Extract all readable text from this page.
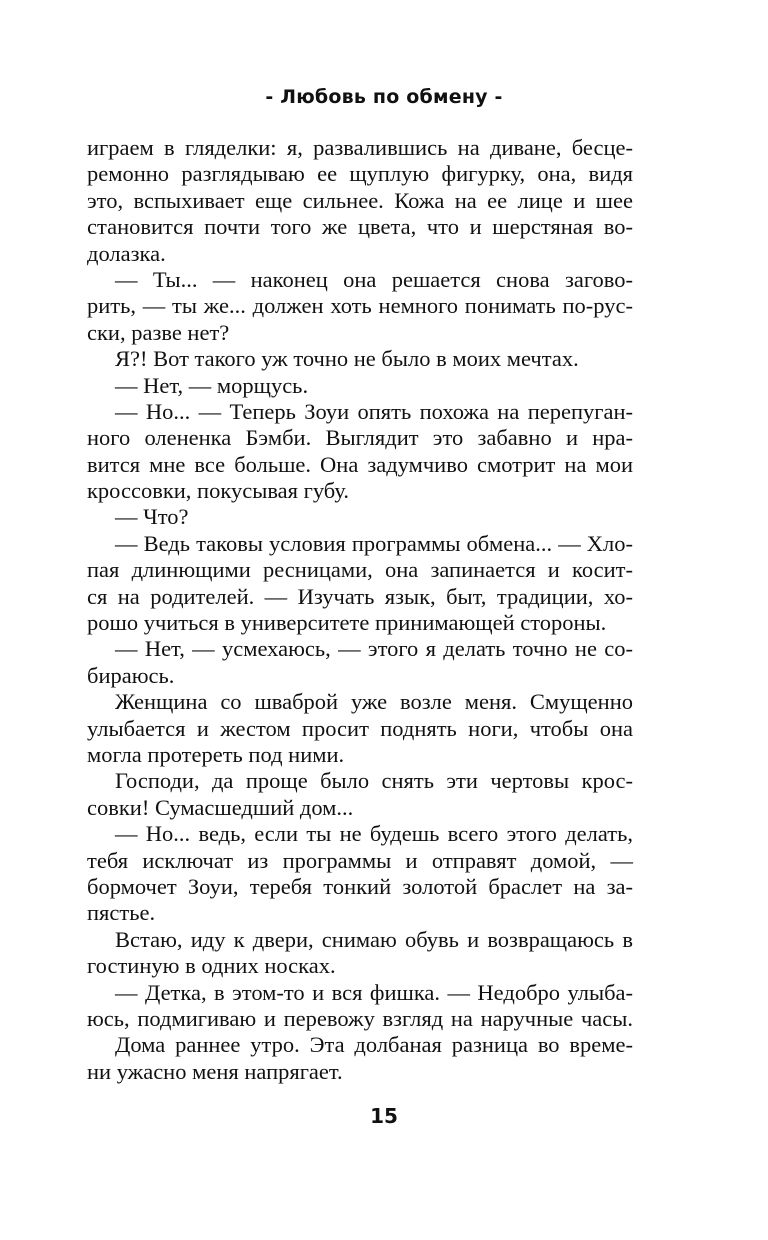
- Любовь по обмену -
играем в гляделки: я, развалившись на диване, бесце-
ремонно разглядываю ее щуплую фигурку, она, видя
это, вспыхивает еще сильнее. Кожа на ее лице и шее
становится почти того же цвета, что и шерстяная во-
долазка.
— Ты... — наконец она решается снова загово-
рить, — ты же... должен хоть немного понимать по-рус-
ски, разве нет?
Я?! Вот такого уж точно не было в моих мечтах.
— Нет, — морщусь.
— Но... — Теперь Зоуи опять похожа на перепуган-
ного олененка Бэмби. Выглядит это забавно и нра-
вится мне все больше. Она задумчиво смотрит на мои
кроссовки, покусывая губу.
— Что?
— Ведь таковы условия программы обмена... — Хло-
пая длинющими ресницами, она запинается и косит-
ся на родителей. — Изучать язык, быт, традиции, хо-
рошо учиться в университете принимающей стороны.
— Нет, — усмехаюсь, — этого я делать точно не со-
бираюсь.
Женщина со шваброй уже возле меня. Смущенно
улыбается и жестом просит поднять ноги, чтобы она
могла протереть под ними.
Господи, да проще было снять эти чертовы крос-
совки! Сумасшедший дом...
— Но... ведь, если ты не будешь всего этого делать,
тебя исключат из программы и отправят домой, —
бормочет Зоуи, теребя тонкий золотой браслет на за-
пястье.
Встаю, иду к двери, снимаю обувь и возвращаюсь в
гостиную в одних носках.
— Детка, в этом-то и вся фишка. — Недобро улыба-
юсь, подмигиваю и перевожу взгляд на наручные часы.
Дома раннее утро. Эта долбаная разница во време-
ни ужасно меня напрягает.
15
